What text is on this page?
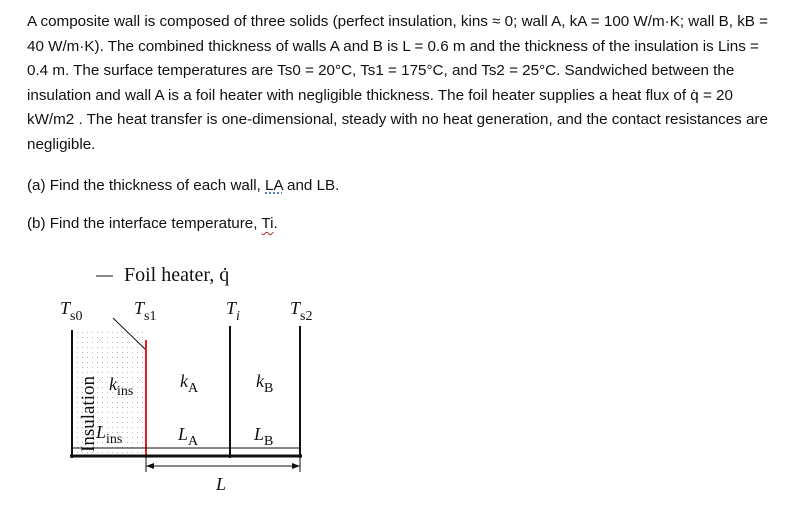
A composite wall is composed of three solids (perfect insulation, kins ≈ 0; wall A, kA = 100 W/m·K; wall B, kB = 40 W/m·K). The combined thickness of walls A and B is L = 0.6 m and the thickness of the insulation is Lins = 0.4 m. The surface temperatures are Ts0 = 20°C, Ts1 = 175°C, and Ts2 = 25°C. Sandwiched between the insulation and wall A is a foil heater with negligible thickness. The foil heater supplies a heat flux of q̇ = 20 kW/m2 . The heat transfer is one-dimensional, steady with no heat generation, and the contact resistances are negligible.

(a) Find the thickness of each wall, LA and LB.

(b) Find the interface temperature, Ti.

Foil heater, q̇
$T_{s0}$	$T_{s1}$	$T_i$	$T_{s2}$
Insulation $k_{ins}$
$k_A$	$k_B$
$L_{ins}$	$L_A$	$L_B$
L
